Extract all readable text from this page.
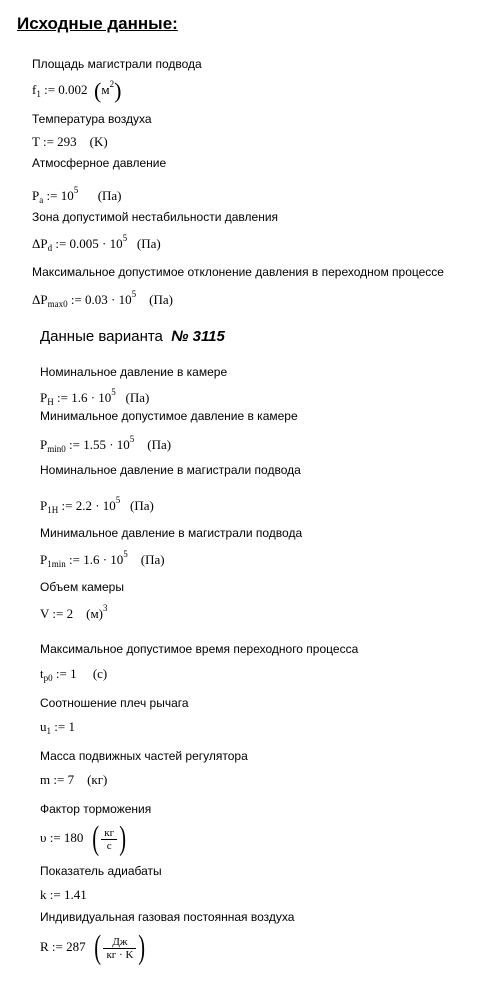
Исходные данные:
Площадь магистрали подвода
$f_1$ := 0.002 $(м^2)$
Температура воздуха
T := 293 (K)
Атмосферное давление
$P_a$ := $10^5$ (Па)
Зона допустимой нестабильности давления
$\Delta P_d$ := $0.005 \cdot 10^5$ (Па)
Максимальное допустимое отклонение давления в переходном процессе
$\Delta P_{max0}$ := $0.03 \cdot 10^5$ (Па)
Данные варианта № 3115
Номинальное давление в камере
$P_H$ := $1.6 \cdot 10^5$ (Па)
Минимальное допустимое давление в камере
$P_{min0}$ := $1.55 \cdot 10^5$ (Па)
Номинальное давление в магистрали подвода
$P_{1H}$ := $2.2 \cdot 10^5$ (Па)
Минимальное давление в магистрали подвода
$P_{1min}$ := $1.6 \cdot 10^5$ (Па)
Объем камеры
V := 2 $(м)^3$
Максимальное допустимое время переходного процесса
$t_{p0}$ := 1 (с)
Соотношение плеч рычага
$u_1$ := 1
Масса подвижных частей регулятора
m := 7 (кг)
Фактор торможения
υ := 180 ( $\frac{кг}{с}$ )
Показатель адиабаты
k := 1.41
Индивидуальная газовая постоянная воздуха
R := 287 ( $\frac{Дж}{кг \cdot K}$ )
